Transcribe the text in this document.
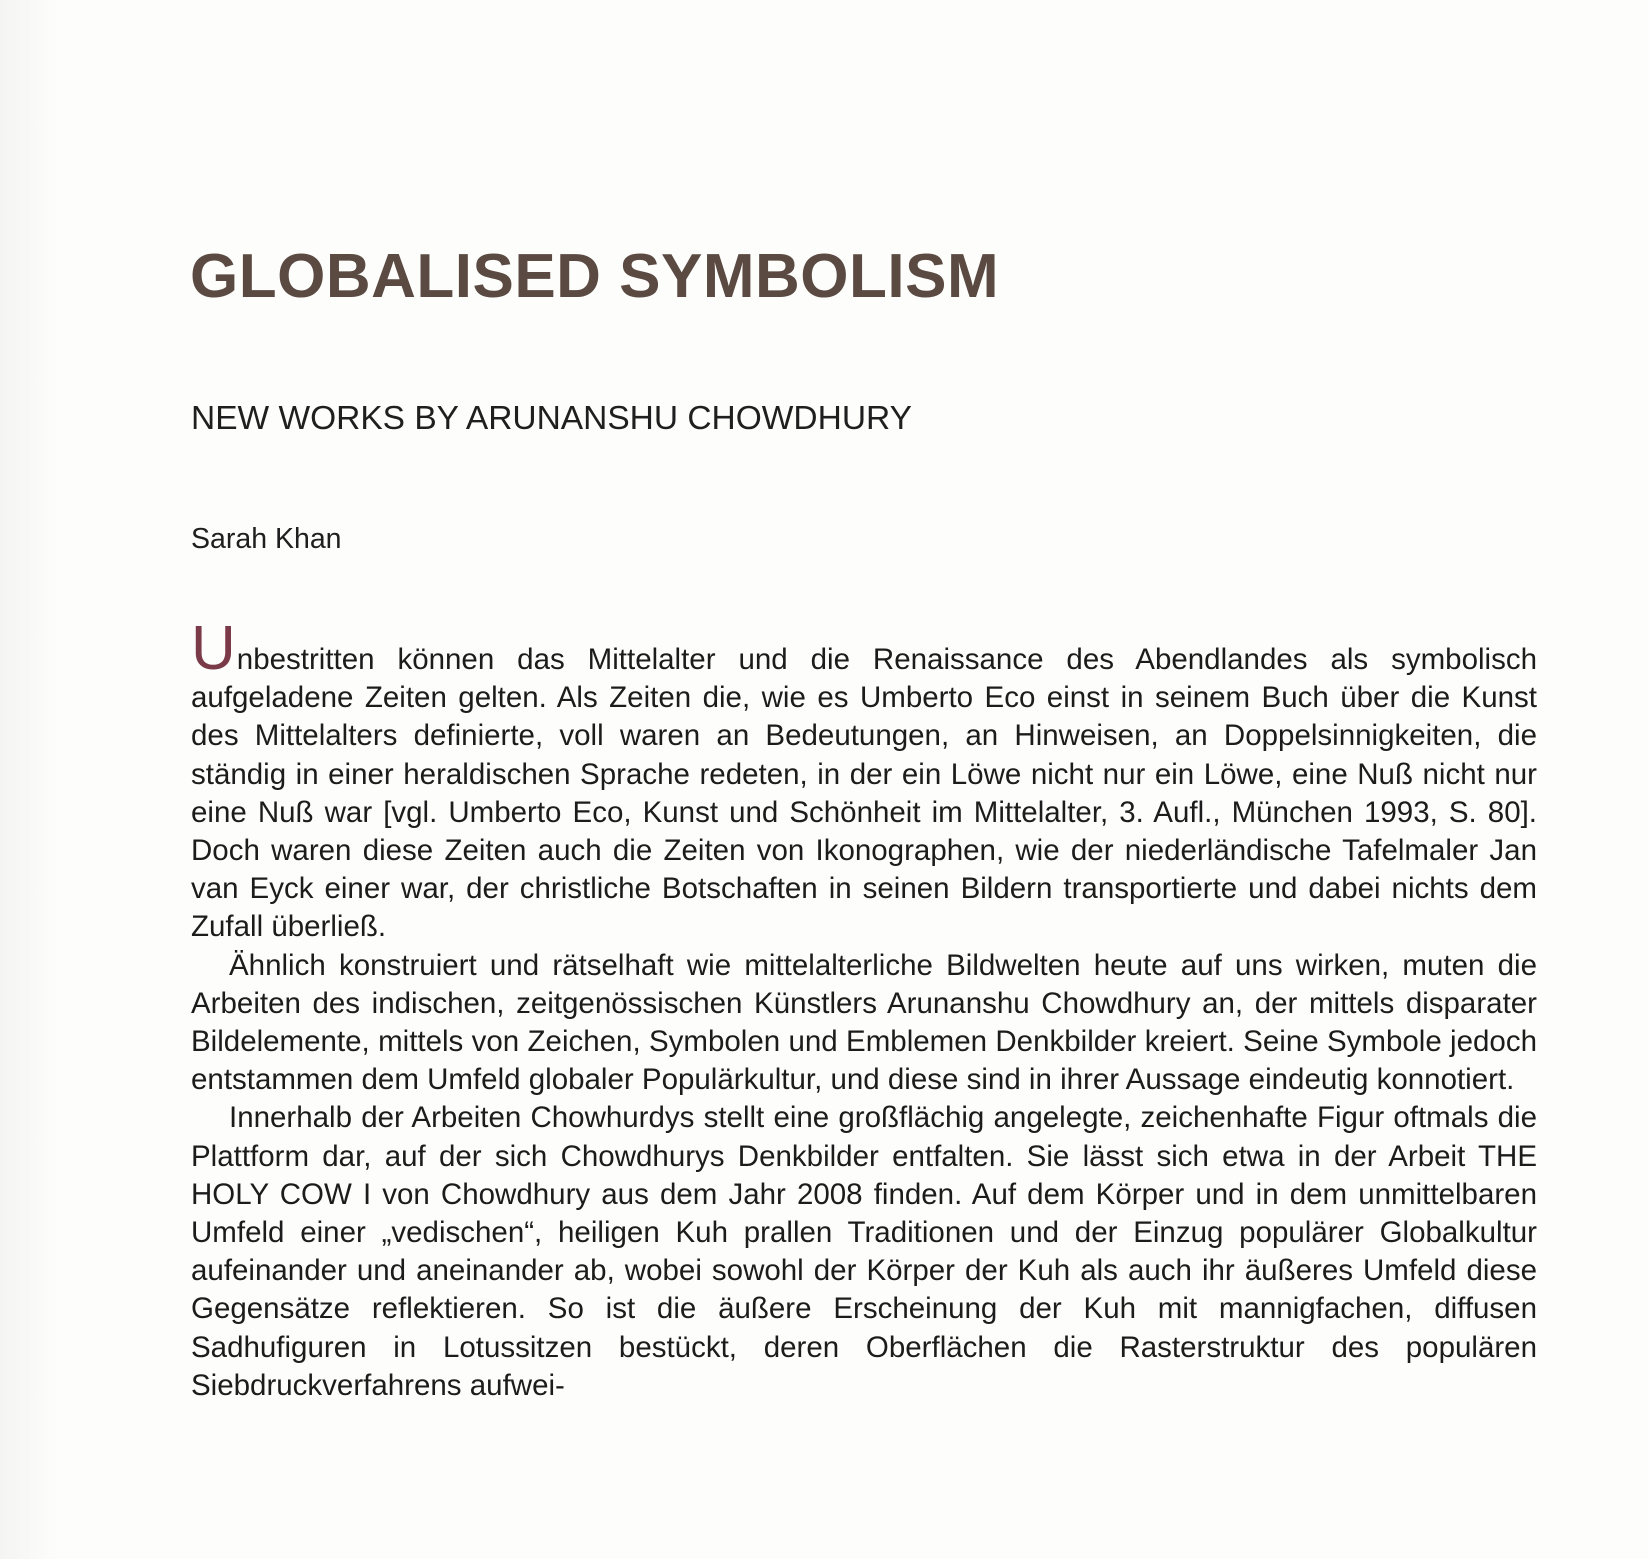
GLOBALISED SYMBOLISM
NEW WORKS BY ARUNANSHU CHOWDHURY
Sarah Khan

Unbestritten können das Mittelalter und die Renaissance des Abendlandes als symbolisch aufgeladene Zeiten gelten. Als Zeiten die, wie es Umberto Eco einst in seinem Buch über die Kunst des Mittelalters definierte, voll waren an Bedeutungen, an Hinweisen, an Doppelsinnigkeiten, die ständig in einer heraldischen Sprache redeten, in der ein Löwe nicht nur ein Löwe, eine Nuß nicht nur eine Nuß war [vgl. Umberto Eco, Kunst und Schönheit im Mittelalter, 3. Aufl., München 1993, S. 80]. Doch waren diese Zeiten auch die Zeiten von Ikonographen, wie der niederländische Tafelmaler Jan van Eyck einer war, der christliche Botschaften in seinen Bildern transportierte und dabei nichts dem Zufall überließ.

Ähnlich konstruiert und rätselhaft wie mittelalterliche Bildwelten heute auf uns wirken, muten die Arbeiten des indischen, zeitgenössischen Künstlers Arunanshu Chowdhury an, der mittels disparater Bildelemente, mittels von Zeichen, Symbolen und Emblemen Denkbilder kreiert. Seine Symbole jedoch entstammen dem Umfeld globaler Populärkultur, und diese sind in ihrer Aussage eindeutig konnotiert.

Innerhalb der Arbeiten Chowhurdys stellt eine großflächig angelegte, zeichenhafte Figur oftmals die Plattform dar, auf der sich Chowdhurys Denkbilder entfalten. Sie lässt sich etwa in der Arbeit THE HOLY COW I von Chowdhury aus dem Jahr 2008 finden. Auf dem Körper und in dem unmittelbaren Umfeld einer „vedischen“, heiligen Kuh prallen Traditionen und der Einzug populärer Globalkultur aufeinander und aneinander ab, wobei sowohl der Körper der Kuh als auch ihr äußeres Umfeld diese Gegensätze reflektieren. So ist die äußere Erscheinung der Kuh mit mannigfachen, diffusen Sadhufiguren in Lotussitzen bestückt, deren Oberflächen die Rasterstruktur des populären Siebdruckverfahrens aufwei-
